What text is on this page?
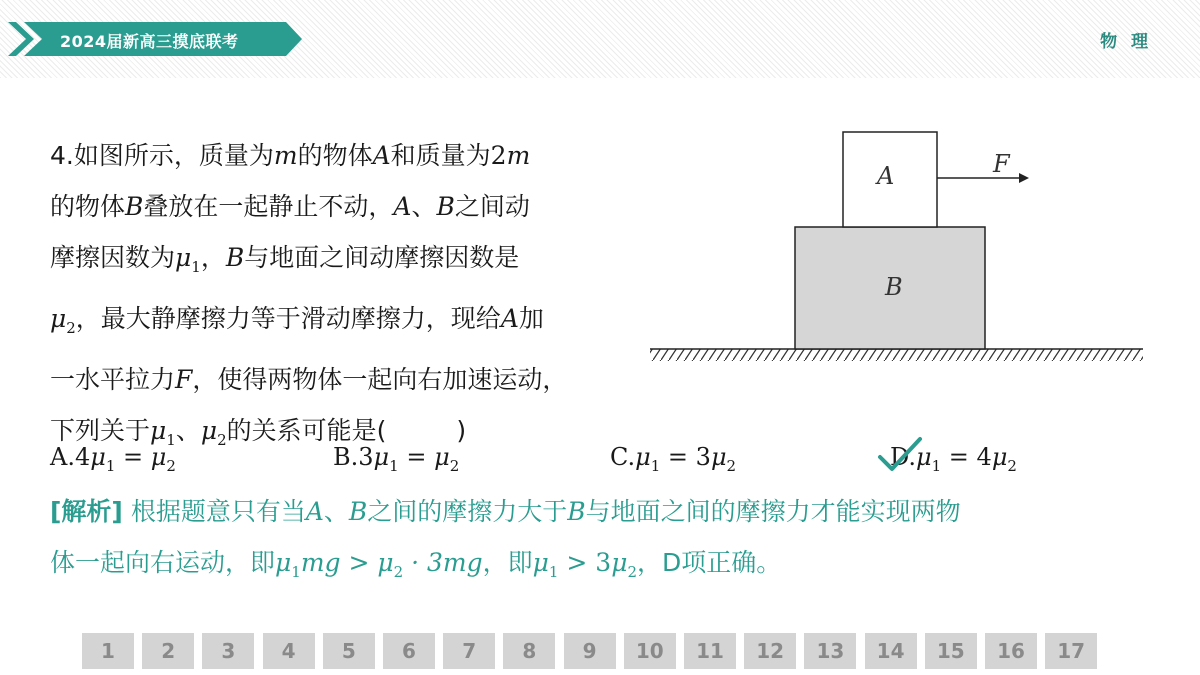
2024届新高三摸底联考	物 理
4.如图所示，质量为m的物体A和质量为2m
的物体B叠放在一起静止不动，A、B之间动
摩擦因数为$\mu_1$，B与地面之间动摩擦因数是
$\mu_2$，最大静摩擦力等于滑动摩擦力，现给A加
一水平拉力F，使得两物体一起向右加速运动，
下列关于$\mu_1$、$\mu_2$的关系可能是(	)
$A.4\mu_1 = \mu_2$	$B.3\mu_1 = \mu_2$	$C.\mu_1 = 3\mu_2$	$D.\mu_1 = 4\mu_2$
[解析] 根据题意只有当A、B之间的摩擦力大于B与地面之间的摩擦力才能实现两物
体一起向右运动，即$\mu_1mg > \mu_2 \cdot 3mg$，即$\mu_1 > 3\mu_2$，D项正确。
B
A	F
1	2	3	4	5	6	7	8	9	10	11	12	13	14	15	16	17
